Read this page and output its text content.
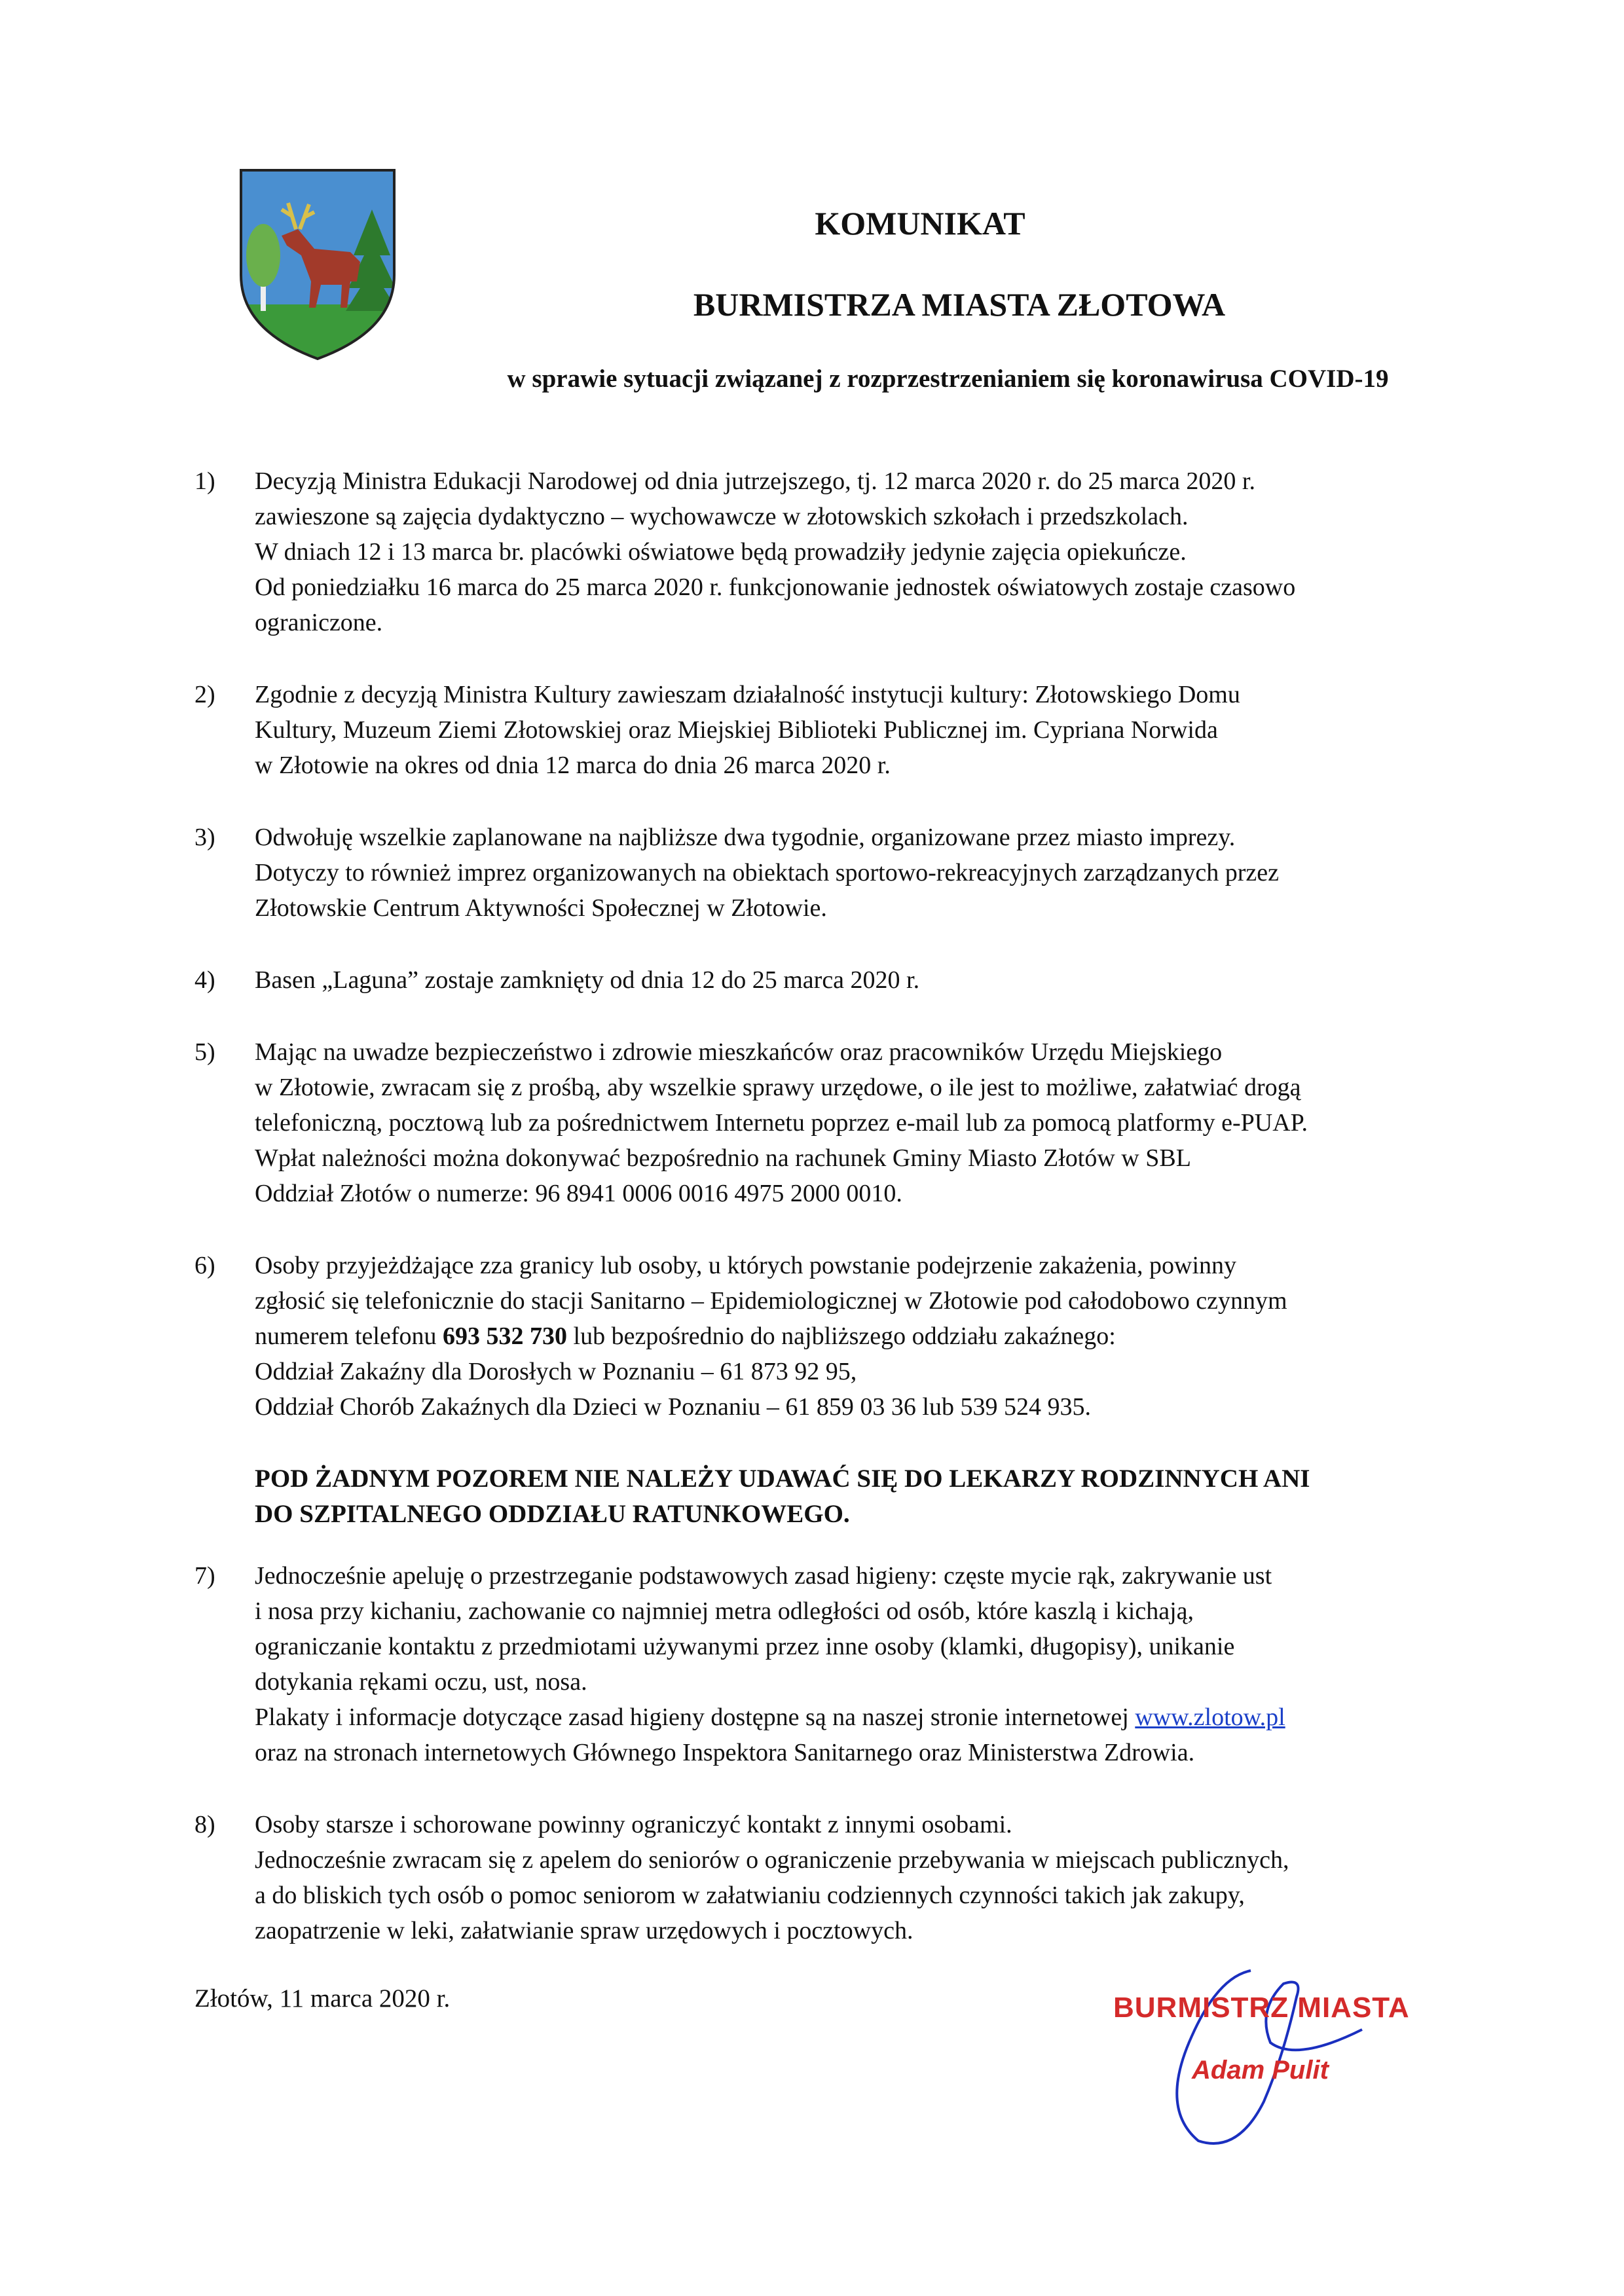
KOMUNIKAT
BURMISTRZA MIASTA ZŁOTOWA
w sprawie sytuacji związanej z rozprzestrzenianiem się koronawirusa COVID-19
1) Decyzją Ministra Edukacji Narodowej od dnia jutrzejszego, tj. 12 marca 2020 r. do 25 marca 2020 r.
zawieszone są zajęcia dydaktyczno – wychowawcze w złotowskich szkołach i przedszkolach.
W dniach 12 i 13 marca br. placówki oświatowe będą prowadziły jedynie zajęcia opiekuńcze.
Od poniedziałku 16 marca do 25 marca 2020 r. funkcjonowanie jednostek oświatowych zostaje czasowo
ograniczone.
2) Zgodnie z decyzją Ministra Kultury zawieszam działalność instytucji kultury: Złotowskiego Domu
Kultury, Muzeum Ziemi Złotowskiej oraz Miejskiej Biblioteki Publicznej im. Cypriana Norwida
w Złotowie na okres od dnia 12 marca do dnia 26 marca 2020 r.
3) Odwołuję wszelkie zaplanowane na najbliższe dwa tygodnie, organizowane przez miasto imprezy.
Dotyczy to również imprez organizowanych na obiektach sportowo-rekreacyjnych zarządzanych przez
Złotowskie Centrum Aktywności Społecznej w Złotowie.
4) Basen „Laguna” zostaje zamknięty od dnia 12 do 25 marca 2020 r.
5) Mając na uwadze bezpieczeństwo i zdrowie mieszkańców oraz pracowników Urzędu Miejskiego
w Złotowie, zwracam się z prośbą, aby wszelkie sprawy urzędowe, o ile jest to możliwe, załatwiać drogą
telefoniczną, pocztową lub za pośrednictwem Internetu poprzez e-mail lub za pomocą platformy e-PUAP.
Wpłat należności można dokonywać bezpośrednio na rachunek Gminy Miasto Złotów w SBL
Oddział Złotów o numerze: 96 8941 0006 0016 4975 2000 0010.
6) Osoby przyjeżdżające zza granicy lub osoby, u których powstanie podejrzenie zakażenia, powinny
zgłosić się telefonicznie do stacji Sanitarno – Epidemiologicznej w Złotowie pod całodobowo czynnym
numerem telefonu 693 532 730 lub bezpośrednio do najbliższego oddziału zakaźnego:
Oddział Zakaźny dla Dorosłych w Poznaniu – 61 873 92 95,
Oddział Chorób Zakaźnych dla Dzieci w Poznaniu – 61 859 03 36 lub 539 524 935.
POD ŻADNYM POZOREM NIE NALEŻY UDAWAĆ SIĘ DO LEKARZY RODZINNYCH ANI
DO SZPITALNEGO ODDZIAŁU RATUNKOWEGO.
7) Jednocześnie apeluję o przestrzeganie podstawowych zasad higieny: częste mycie rąk, zakrywanie ust
i nosa przy kichaniu, zachowanie co najmniej metra odległości od osób, które kaszlą i kichają,
ograniczanie kontaktu z przedmiotami używanymi przez inne osoby (klamki, długopisy), unikanie
dotykania rękami oczu, ust, nosa.
Plakaty i informacje dotyczące zasad higieny dostępne są na naszej stronie internetowej www.zlotow.pl
oraz na stronach internetowych Głównego Inspektora Sanitarnego oraz Ministerstwa Zdrowia.
8) Osoby starsze i schorowane powinny ograniczyć kontakt z innymi osobami.
Jednocześnie zwracam się z apelem do seniorów o ograniczenie przebywania w miejscach publicznych,
a do bliskich tych osób o pomoc seniorom w załatwianiu codziennych czynności takich jak zakupy,
zaopatrzenie w leki, załatwianie spraw urzędowych i pocztowych.
Złotów, 11 marca 2020 r.	BURMISTRZ MIASTA
Adam Pulit
